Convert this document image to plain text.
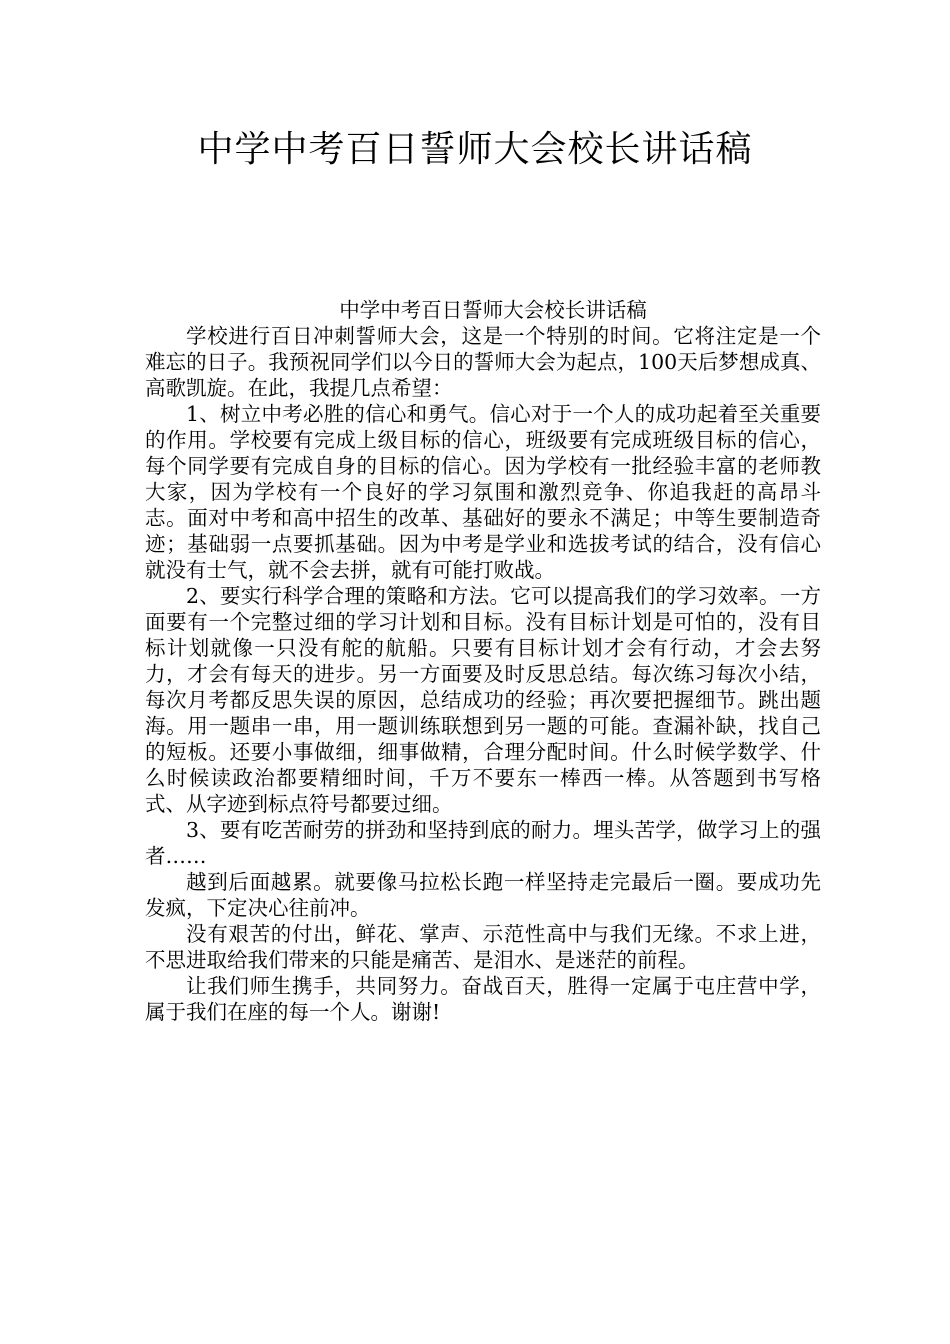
中学中考百日誓师大会校长讲话稿

中学中考百日誓师大会校长讲话稿

学校进行百日冲刺誓师大会，这是一个特别的时间。它将注定是一个难忘的日子。我预祝同学们以今日的誓师大会为起点，100天后梦想成真、高歌凯旋。在此，我提几点希望：

1、树立中考必胜的信心和勇气。信心对于一个人的成功起着至关重要的作用。学校要有完成上级目标的信心，班级要有完成班级目标的信心，每个同学要有完成自身的目标的信心。因为学校有一批经验丰富的老师教大家，因为学校有一个良好的学习氛围和激烈竞争、你追我赶的高昂斗志。面对中考和高中招生的改革、基础好的要永不满足；中等生要制造奇迹；基础弱一点要抓基础。因为中考是学业和选拔考试的结合，没有信心就没有士气，就不会去拼，就有可能打败战。

2、要实行科学合理的策略和方法。它可以提高我们的学习效率。一方面要有一个完整过细的学习计划和目标。没有目标计划是可怕的，没有目标计划就像一只没有舵的航船。只要有目标计划才会有行动，才会去努力，才会有每天的进步。另一方面要及时反思总结。每次练习每次小结，每次月考都反思失误的原因，总结成功的经验；再次要把握细节。跳出题海。用一题串一串，用一题训练联想到另一题的可能。查漏补缺，找自己的短板。还要小事做细，细事做精，合理分配时间。什么时候学数学、什么时候读政治都要精细时间，千万不要东一棒西一棒。从答题到书写格式、从字迹到标点符号都要过细。

3、要有吃苦耐劳的拼劲和坚持到底的耐力。埋头苦学，做学习上的强者……

越到后面越累。就要像马拉松长跑一样坚持走完最后一圈。要成功先发疯，下定决心往前冲。

没有艰苦的付出，鲜花、掌声、示范性高中与我们无缘。不求上进，不思进取给我们带来的只能是痛苦、是泪水、是迷茫的前程。

让我们师生携手，共同努力。奋战百天，胜得一定属于屯庄营中学，属于我们在座的每一个人。谢谢!
